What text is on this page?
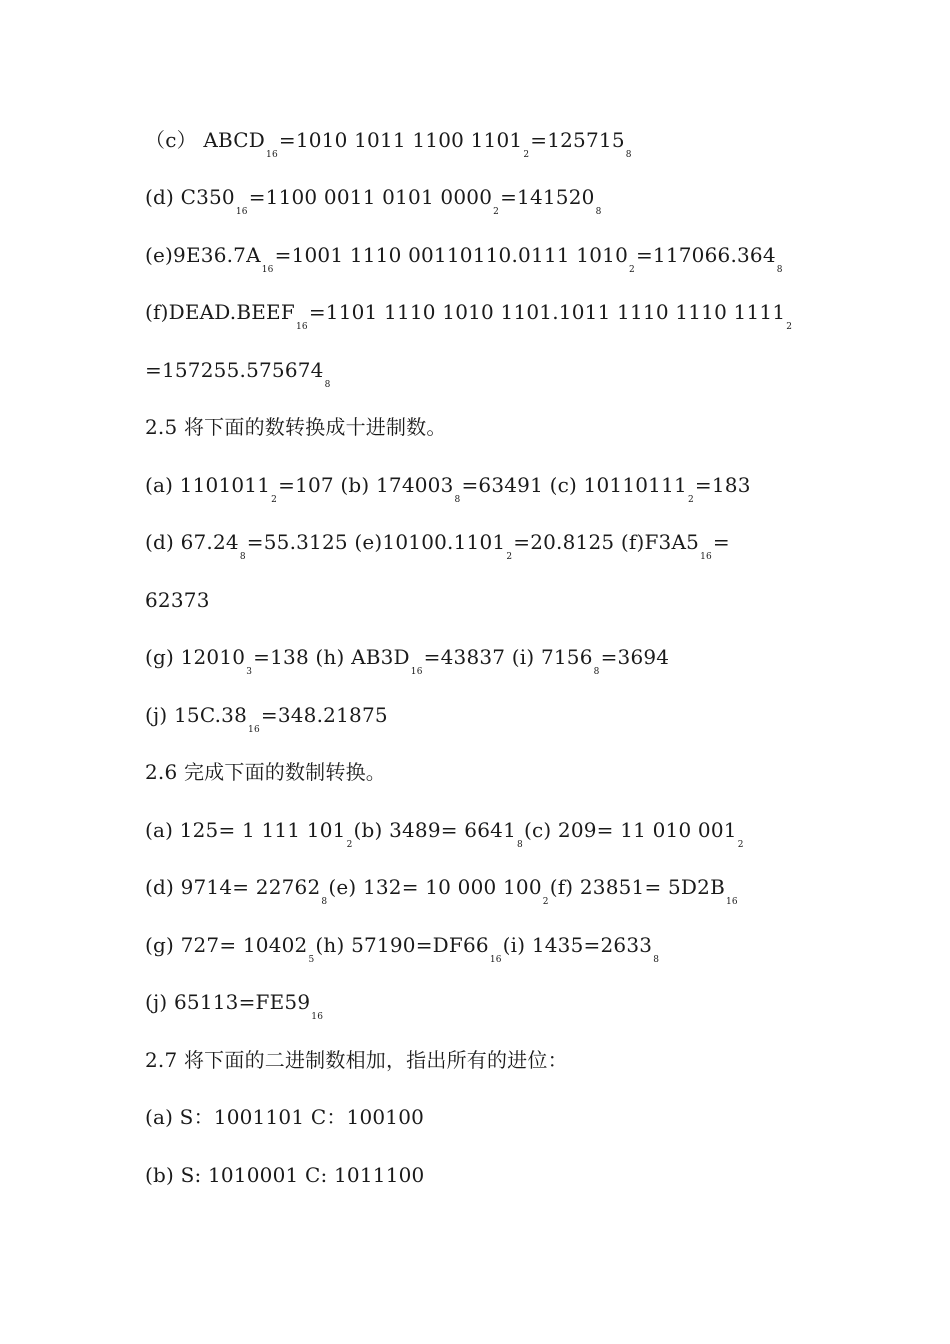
（c） $ABCD_{16}=1010$ 1011 1100 $1101_2=125715_8$
(d) $C350_{16}=1100$ 0011 0101 $0000_2=141520_8$
$(e)9E36.7A_{16}=1001$ 1110 00110110.0111 $1010_2=117066.364_8$
$(f)DEAD.BEEF_{16}=1101$ 1110 1010 1101.1011 1110 1110 $1111_2$
$=157255.575674_8$
2.5 将下面的数转换成十进制数。
(a) $1101011_2=107$ (b) $174003_8=63491$ (c) $10110111_2=183$
(d) $67.24_8=55.3125$ $(e)10100.1101_2=20.8125$ $(f)F3A5_{16}=$
62373
(g) $12010_3=138$ (h) $AB3D_{16}=43837$ (i) $7156_8=3694$
(j) $15C.38_{16}=348.21875$
2.6 完成下面的数制转换。
(a) 125= 1 111 $101_2(b)$ $3489= 6641_8(c)$ 209= 11 010 $001_2$
(d) $9714= 22762_8(e)$ 132= 10 000 $100_2(f)$ $23851= 5D2B_{16}$
(g) $727= 10402_5(h)$ $57190=DF66_{16}(i)$ $1435=2633_8$
(j) $65113=FE59_{16}$
2.7 将下面的二进制数相加，指出所有的进位：
(a) S：1001101 C：100100
(b) S: 1010001 C: 1011100
